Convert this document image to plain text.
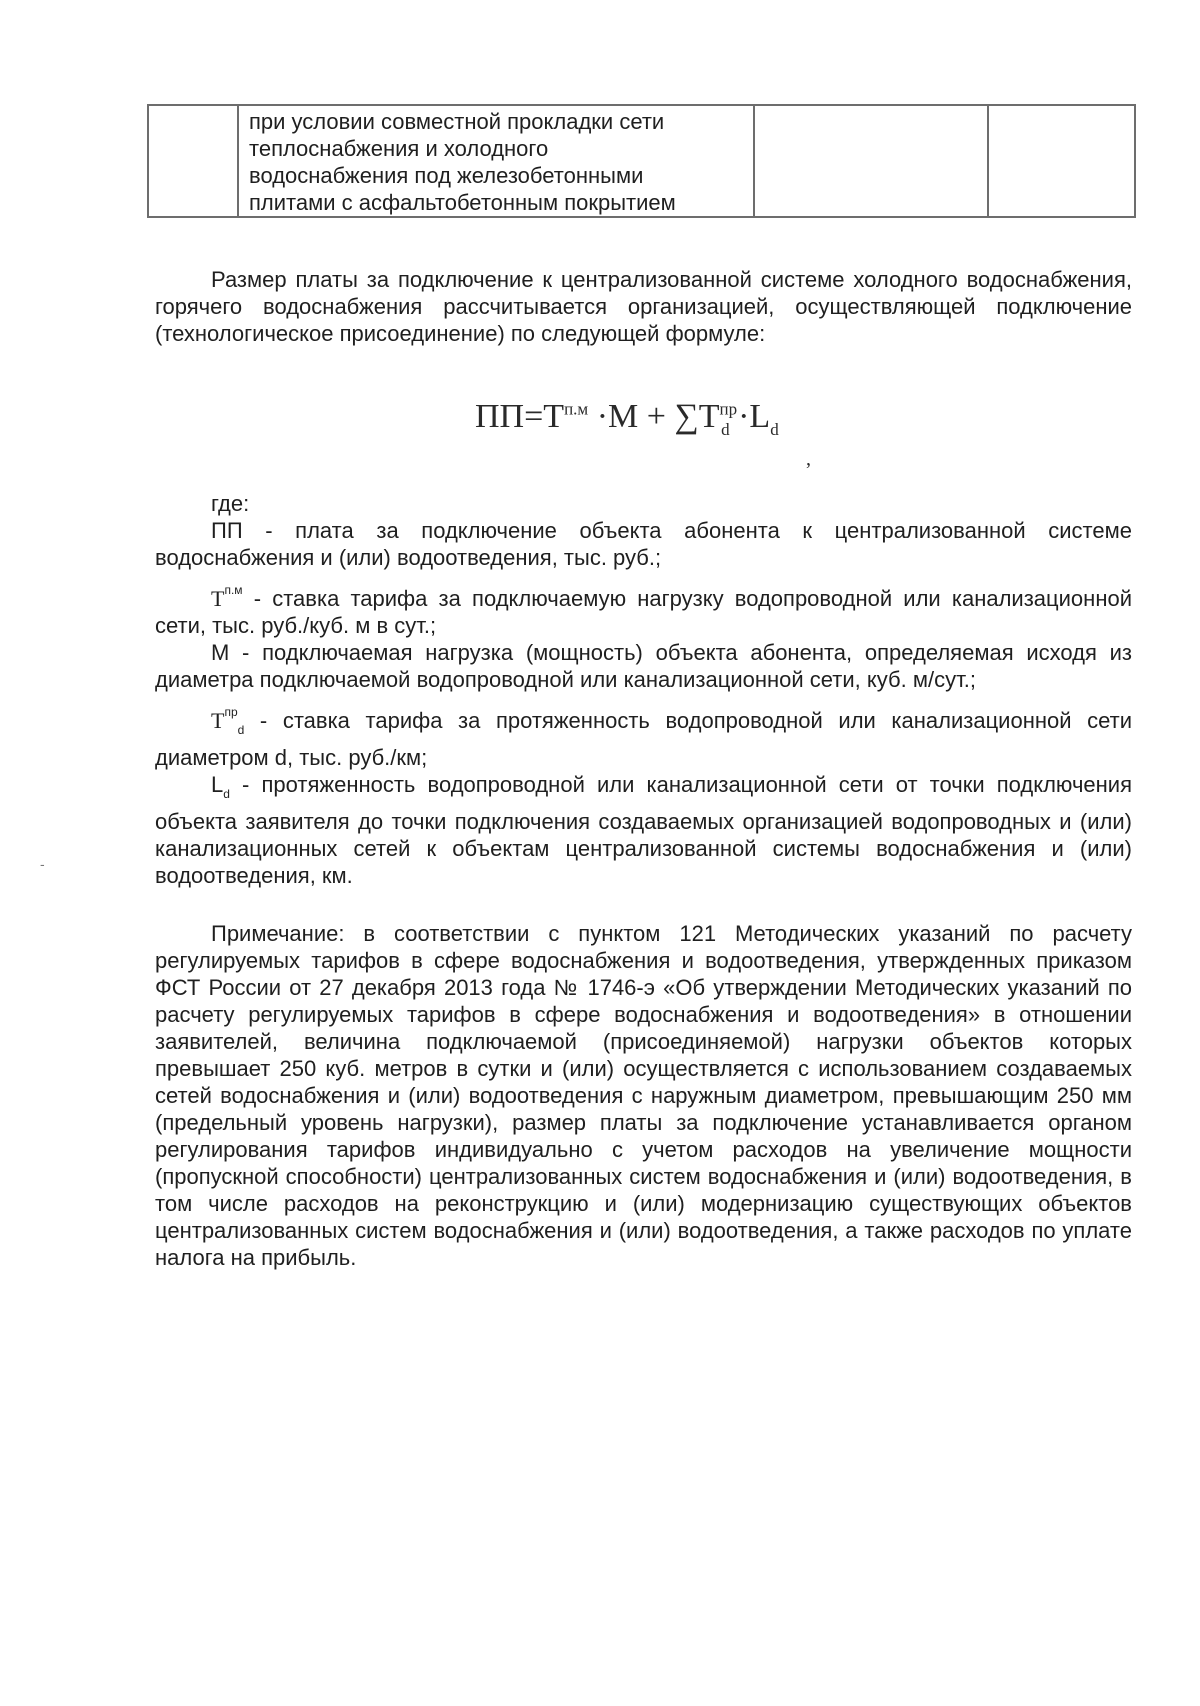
при условии совместной прокладки сети
теплоснабжения и холодного
водоснабжения под железобетонными
плитами с асфальтобетонным покрытием

Размер платы за подключение к централизованной системе холодного водоснабжения, горячего водоснабжения рассчитывается организацией, осуществляющей подключение (технологическое присоединение) по следующей формуле:
$ПП=T^{п.м} \cdot M + \sum T^{пр}_d \cdot L_d$
,

где:

ПП - плата за подключение объекта абонента к централизованной системе водоснабжения и (или) водоотведения, тыс. руб.;

$T^{п.м}$ - ставка тарифа за подключаемую нагрузку водопроводной или канализационной сети, тыс. руб./куб. м в сут.;

M - подключаемая нагрузка (мощность) объекта абонента, определяемая исходя из диаметра подключаемой водопроводной или канализационной сети, куб. м/сут.;

$T^{пр}_d$ - ставка тарифа за протяженность водопроводной или канализационной сети диаметром d, тыс. руб./км;

$L_d$ - протяженность водопроводной или канализационной сети от точки подключения объекта заявителя до точки подключения создаваемых организацией водопроводных и (или) канализационных сетей к объектам централизованной системы водоснабжения и (или) водоотведения, км.

Примечание: в соответствии с пунктом 121 Методических указаний по расчету регулируемых тарифов в сфере водоснабжения и водоотведения, утвержденных приказом ФСТ России от 27 декабря 2013 года № 1746-э «Об утверждении Методических указаний по расчету регулируемых тарифов в сфере водоснабжения и водоотведения» в отношении заявителей, величина подключаемой (присоединяемой) нагрузки объектов которых превышает 250 куб. метров в сутки и (или) осуществляется с использованием создаваемых сетей водоснабжения и (или) водоотведения с наружным диаметром, превышающим 250 мм (предельный уровень нагрузки), размер платы за подключение устанавливается органом регулирования тарифов индивидуально с учетом расходов на увеличение мощности (пропускной способности) централизованных систем водоснабжения и (или) водоотведения, в том числе расходов на реконструкцию и (или) модернизацию существующих объектов централизованных систем водоснабжения и (или) водоотведения, а также расходов по уплате налога на прибыль.
-
